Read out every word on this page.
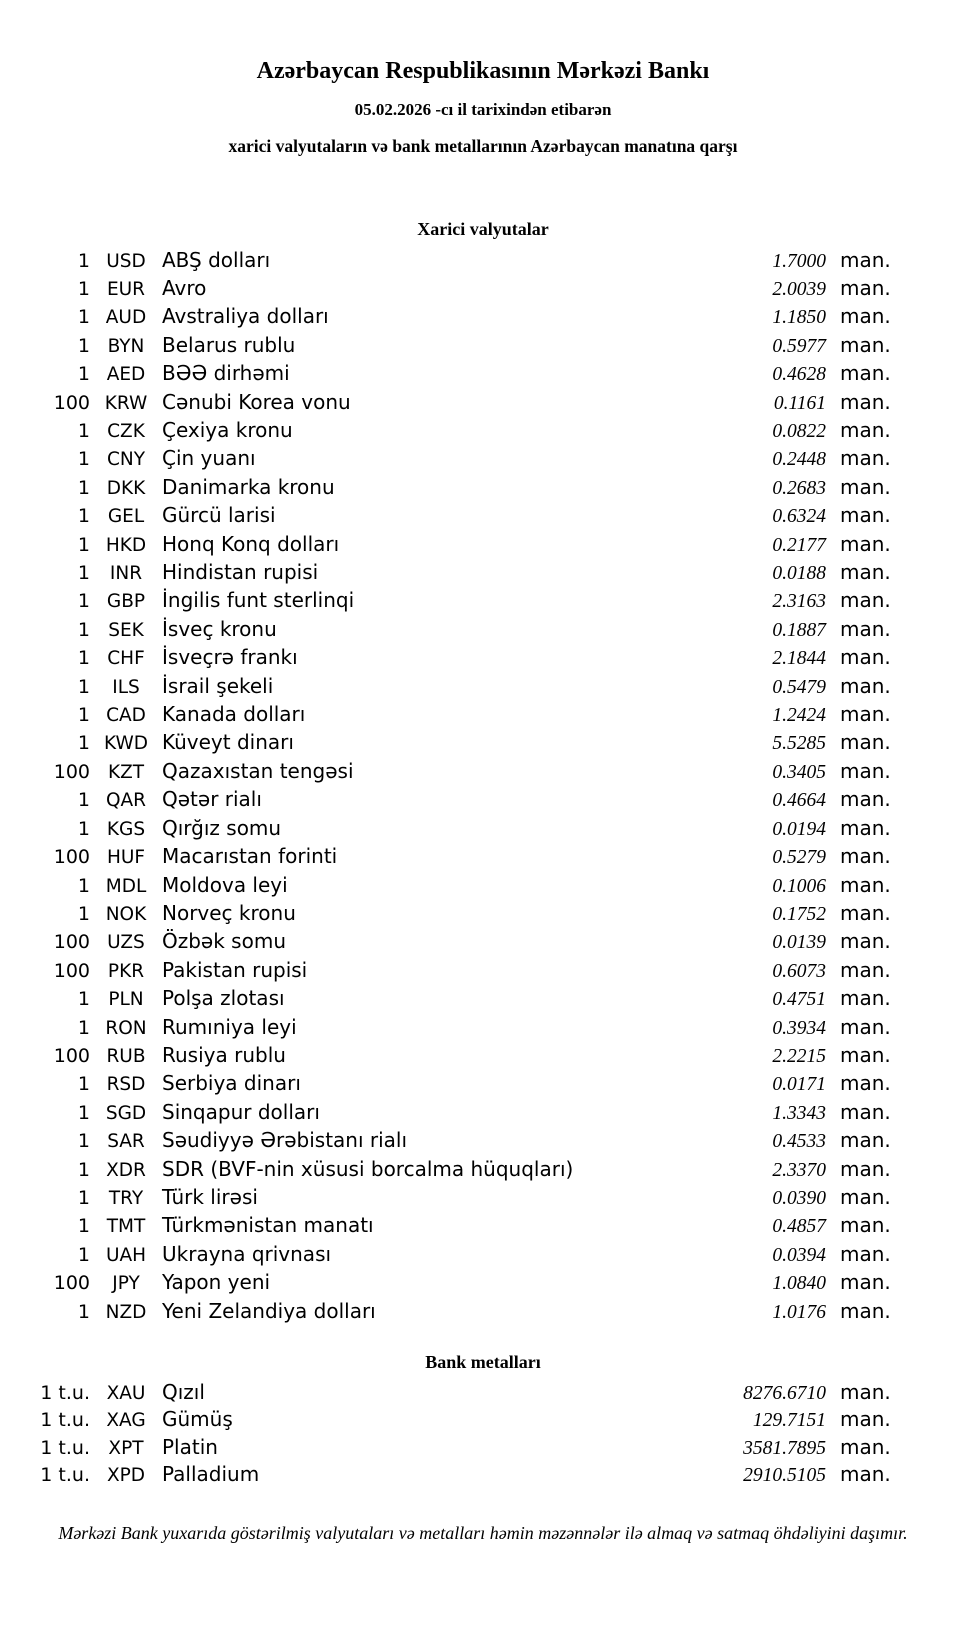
Azərbaycan Respublikasının Mərkəzi Bankı
05.02.2026 -cı il tarixindən etibarən
xarici valyutaların və bank metallarının Azərbaycan manatına qarşı
Xarici valyutalar
1 USD ABŞ dolları	1.7000 man.
1 EUR Avro	2.0039 man.
1 AUD Avstraliya dolları	1.1850 man.
1 BYN Belarus rublu	0.5977 man.
1 AED BƏƏ dirhəmi	0.4628 man.
100 KRW Cənubi Korea vonu	0.1161 man.
1 CZK Çexiya kronu	0.0822 man.
1 CNY Çin yuanı	0.2448 man.
1 DKK Danimarka kronu	0.2683 man.
1 GEL Gürcü larisi	0.6324 man.
1 HKD Honq Konq dolları	0.2177 man.
1 INR Hindistan rupisi	0.0188 man.
1 GBP İngilis funt sterlinqi	2.3163 man.
1 SEK İsveç kronu	0.1887 man.
1 CHF İsveçrə frankı	2.1844 man.
1 ILS İsrail şekeli	0.5479 man.
1 CAD Kanada dolları	1.2424 man.
1 KWD Küveyt dinarı	5.5285 man.
100 KZT Qazaxıstan tengəsi	0.3405 man.
1 QAR Qətər rialı	0.4664 man.
1 KGS Qırğız somu	0.0194 man.
100 HUF Macarıstan forinti	0.5279 man.
1 MDL Moldova leyi	0.1006 man.
1 NOK Norveç kronu	0.1752 man.
100 UZS Özbək somu	0.0139 man.
100 PKR Pakistan rupisi	0.6073 man.
1 PLN Polşa zlotası	0.4751 man.
1 RON Rumıniya leyi	0.3934 man.
100 RUB Rusiya rublu	2.2215 man.
1 RSD Serbiya dinarı	0.0171 man.
1 SGD Sinqapur dolları	1.3343 man.
1 SAR Səudiyyə Ərəbistanı rialı	0.4533 man.
1 XDR SDR (BVF-nin xüsusi borcalma hüquqları)	2.3370 man.
1 TRY Türk lirəsi	0.0390 man.
1 TMT Türkmənistan manatı	0.4857 man.
1 UAH Ukrayna qrivnası	0.0394 man.
100 JPY Yapon yeni	1.0840 man.
1 NZD Yeni Zelandiya dolları	1.0176 man.
Bank metalları
1 t.u. XAU Qızıl	8276.6710 man.
1 t.u. XAG Gümüş	129.7151 man.
1 t.u. XPT Platin	3581.7895 man.
1 t.u. XPD Palladium	2910.5105 man.

Mərkəzi Bank yuxarıda göstərilmiş valyutaları və metalları həmin məzənnələr ilə almaq və satmaq öhdəliyini daşımır.
